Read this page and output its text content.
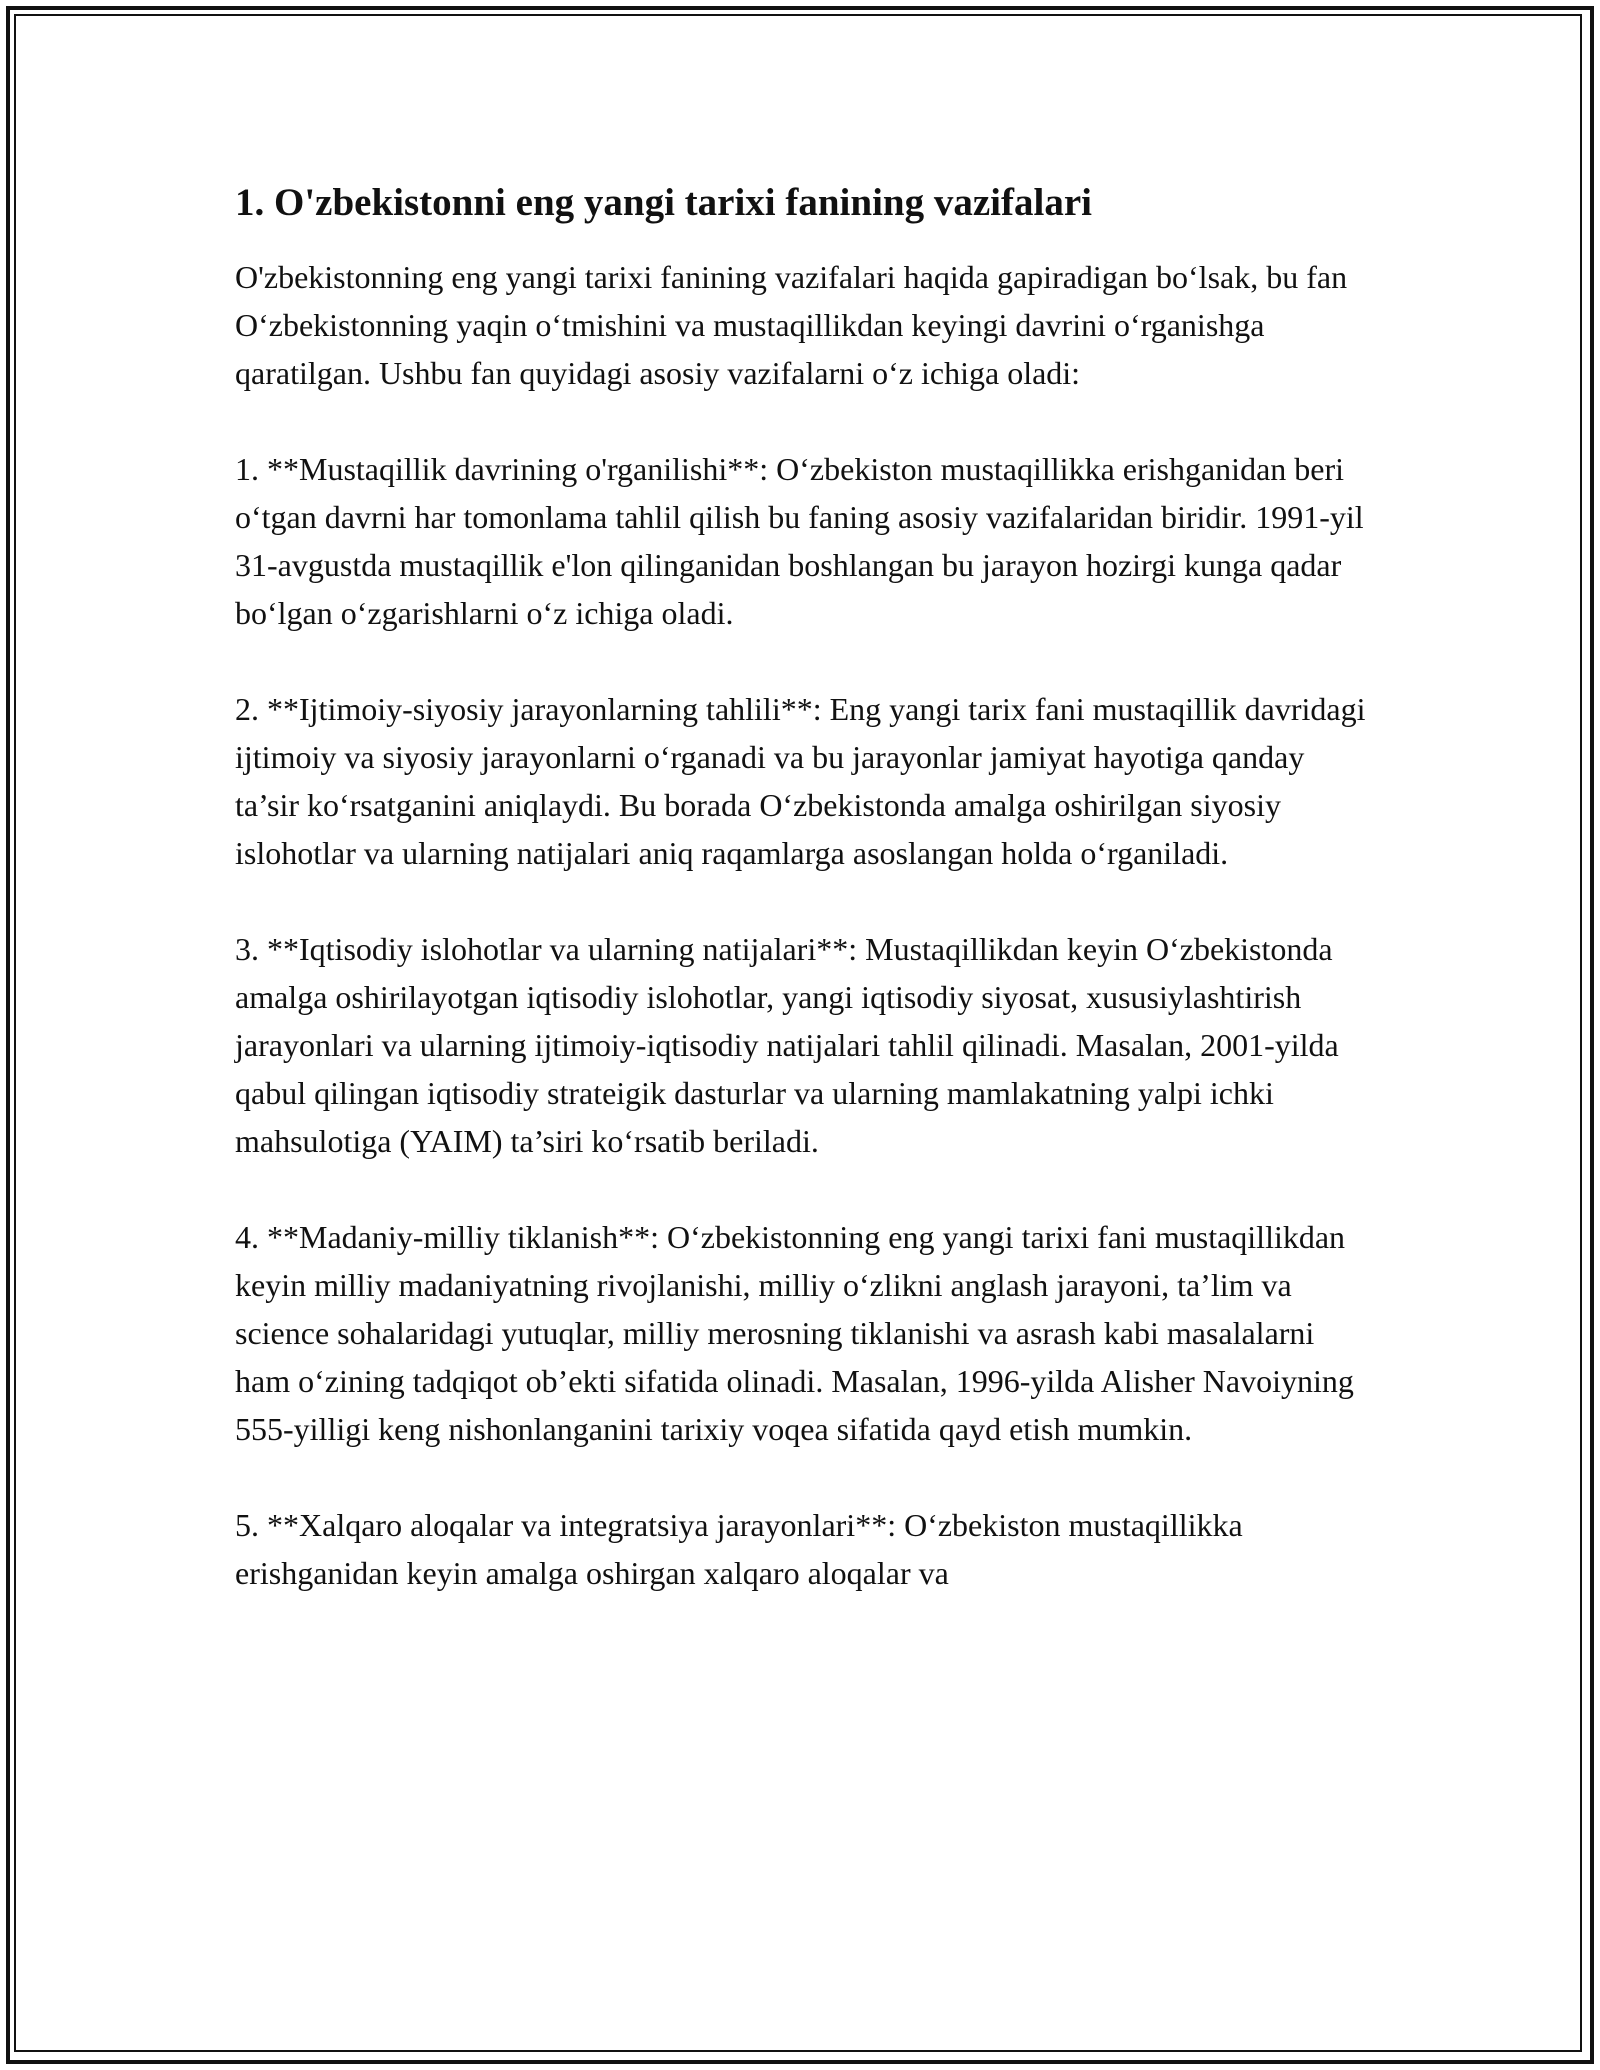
1. O'zbekistonni eng yangi tarixi fanining vazifalari

O'zbekistonning eng yangi tarixi fanining vazifalari haqida gapiradigan bo‘lsak, bu fan O‘zbekistonning yaqin o‘tmishini va mustaqillikdan keyingi davrini o‘rganishga qaratilgan. Ushbu fan quyidagi asosiy vazifalarni o‘z ichiga oladi:

1. **Mustaqillik davrining o'rganilishi**: O‘zbekiston mustaqillikka erishganidan beri o‘tgan davrni har tomonlama tahlil qilish bu faning asosiy vazifalaridan biridir. 1991-yil 31-avgustda mustaqillik e'lon qilinganidan boshlangan bu jarayon hozirgi kunga qadar bo‘lgan o‘zgarishlarni o‘z ichiga oladi.

2. **Ijtimoiy-siyosiy jarayonlarning tahlili**: Eng yangi tarix fani mustaqillik davridagi ijtimoiy va siyosiy jarayonlarni o‘rganadi va bu jarayonlar jamiyat hayotiga qanday ta’sir ko‘rsatganini aniqlaydi. Bu borada O‘zbekistonda amalga oshirilgan siyosiy islohotlar va ularning natijalari aniq raqamlarga asoslangan holda o‘rganiladi.

3. **Iqtisodiy islohotlar va ularning natijalari**: Mustaqillikdan keyin O‘zbekistonda amalga oshirilayotgan iqtisodiy islohotlar, yangi iqtisodiy siyosat, xususiylashtirish jarayonlari va ularning ijtimoiy-iqtisodiy natijalari tahlil qilinadi. Masalan, 2001-yilda qabul qilingan iqtisodiy strateigik dasturlar va ularning mamlakatning yalpi ichki mahsulotiga (YAIM) ta’siri ko‘rsatib beriladi.

4. **Madaniy-milliy tiklanish**: O‘zbekistonning eng yangi tarixi fani mustaqillikdan keyin milliy madaniyatning rivojlanishi, milliy o‘zlikni anglash jarayoni, ta’lim va science sohalaridagi yutuqlar, milliy merosning tiklanishi va asrash kabi masalalarni ham o‘zining tadqiqot ob’ekti sifatida olinadi. Masalan, 1996-yilda Alisher Navoiyning 555-yilligi keng nishonlanganini tarixiy voqea sifatida qayd etish mumkin.

5. **Xalqaro aloqalar va integratsiya jarayonlari**: O‘zbekiston mustaqillikka erishganidan keyin amalga oshirgan xalqaro aloqalar va
